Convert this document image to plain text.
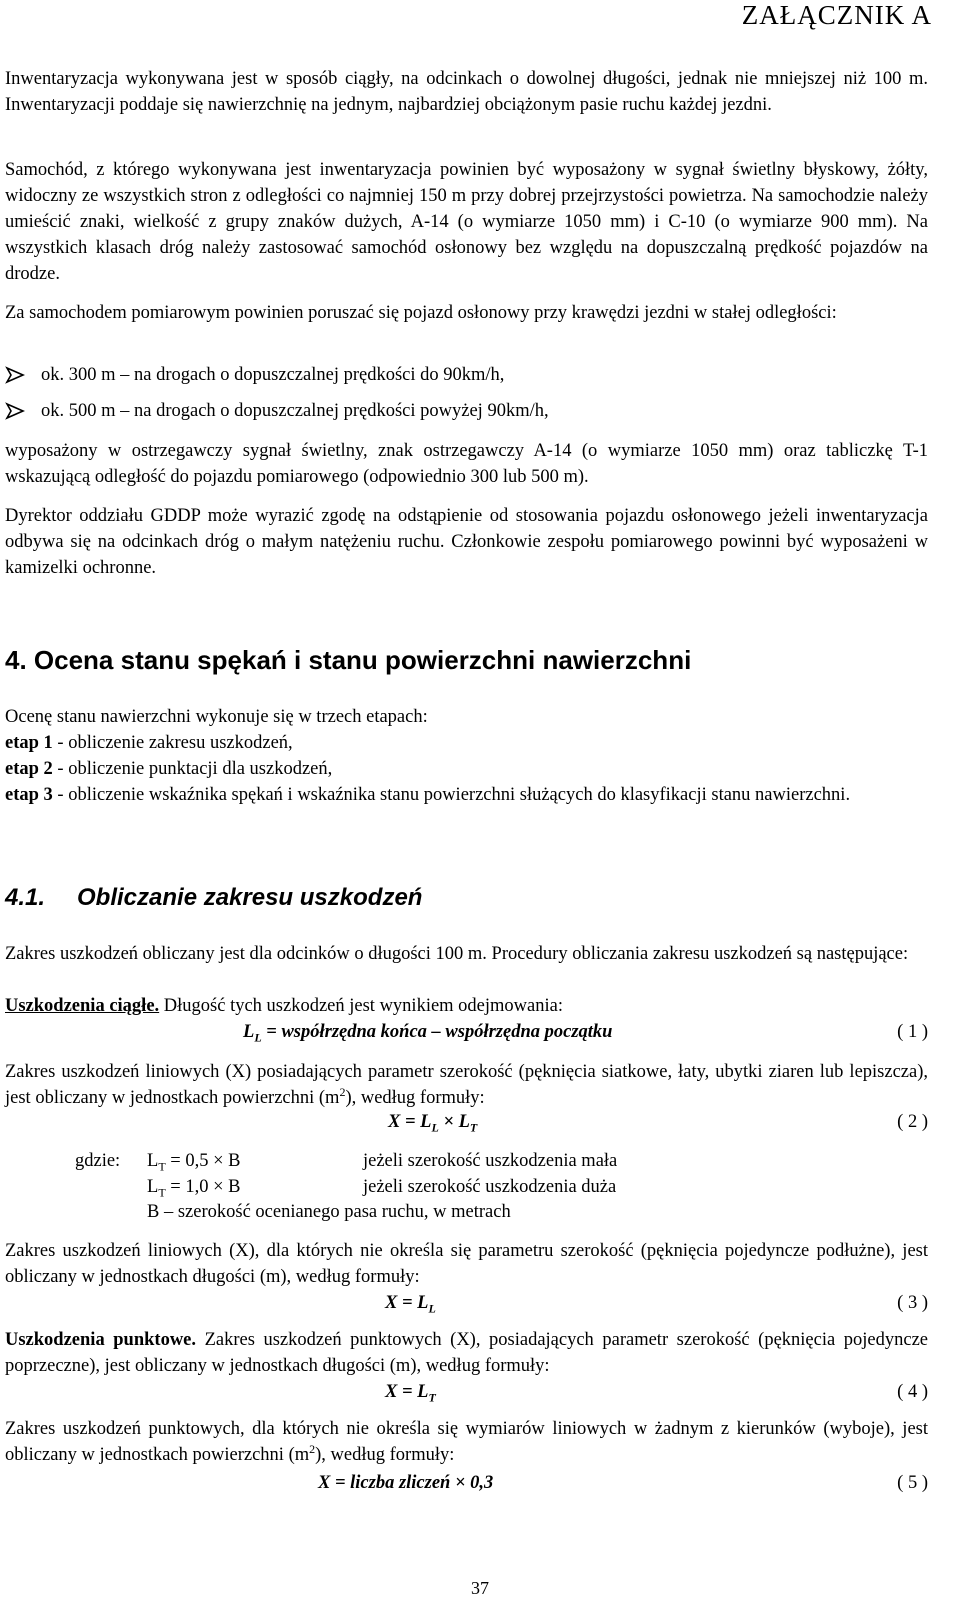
ZAŁĄCZNIK A

Inwentaryzacja wykonywana jest w sposób ciągły, na odcinkach o dowolnej długości, jednak nie mniejszej niż 100 m. Inwentaryzacji poddaje się nawierzchnię na jednym, najbardziej obciążonym pasie ruchu każdej jezdni.

Samochód, z którego wykonywana jest inwentaryzacja powinien być wyposażony w sygnał świetlny błyskowy, żółty, widoczny ze wszystkich stron z odległości co najmniej 150 m przy dobrej przejrzystości powietrza. Na samochodzie należy umieścić znaki, wielkość z grupy znaków dużych, A-14 (o wymiarze 1050 mm) i C-10 (o wymiarze 900 mm). Na wszystkich klasach dróg należy zastosować samochód osłonowy bez względu na dopuszczalną prędkość pojazdów na drodze.

Za samochodem pomiarowym powinien poruszać się pojazd osłonowy przy krawędzi jezdni w stałej odległości:

ok. 300 m – na drogach o dopuszczalnej prędkości do 90km/h,
ok. 500 m – na drogach o dopuszczalnej prędkości powyżej 90km/h,

wyposażony w ostrzegawczy sygnał świetlny, znak ostrzegawczy A-14 (o wymiarze 1050 mm) oraz tabliczkę T-1 wskazującą odległość do pojazdu pomiarowego (odpowiednio 300 lub 500 m).

Dyrektor oddziału GDDP może wyrazić zgodę na odstąpienie od stosowania pojazdu osłonowego jeżeli inwentaryzacja odbywa się na odcinkach dróg o małym natężeniu ruchu. Członkowie zespołu pomiarowego powinni być wyposażeni w kamizelki ochronne.

4. Ocena stanu spękań i stanu powierzchni nawierzchni

Ocenę stanu nawierzchni wykonuje się w trzech etapach:

etap 1 - obliczenie zakresu uszkodzeń,

etap 2 - obliczenie punktacji dla uszkodzeń,

etap 3 - obliczenie wskaźnika spękań i wskaźnika stanu powierzchni służących do klasyfikacji stanu nawierzchni.

4.1. Obliczanie zakresu uszkodzeń

Zakres uszkodzeń obliczany jest dla odcinków o długości 100 m. Procedury obliczania zakresu uszkodzeń są następujące:

Uszkodzenia ciągłe. Długość tych uszkodzeń jest wynikiem odejmowania:

$L_L$ = współrzędna końca – współrzędna początku	( 1 )

Zakres uszkodzeń liniowych (X) posiadających parametr szerokość (pęknięcia siatkowe, łaty, ubytki ziaren lub lepiszcza), jest obliczany w jednostkach powierzchni $(m^2)$, według formuły:

$X = L_L \times L_T$	( 2 )
gdzie: $L_T = 0,5 \times B$	jeżeli szerokość uszkodzenia mała
$L_T = 1,0 \times B$	jeżeli szerokość uszkodzenia duża
B – szerokość ocenianego pasa ruchu, w metrach

Zakres uszkodzeń liniowych (X), dla których nie określa się parametru szerokość (pęknięcia pojedyncze podłużne), jest obliczany w jednostkach długości (m), według formuły:

$X = L_L$	( 3 )

Uszkodzenia punktowe. Zakres uszkodzeń punktowych (X), posiadających parametr szerokość (pęknięcia pojedyncze poprzeczne), jest obliczany w jednostkach długości (m), według formuły:

$X = L_T$	( 4 )

Zakres uszkodzeń punktowych, dla których nie określa się wymiarów liniowych w żadnym z kierunków (wyboje), jest obliczany w jednostkach powierzchni $(m^2)$, według formuły:

X = liczba zliczeń × 0,3	( 5 )
37
